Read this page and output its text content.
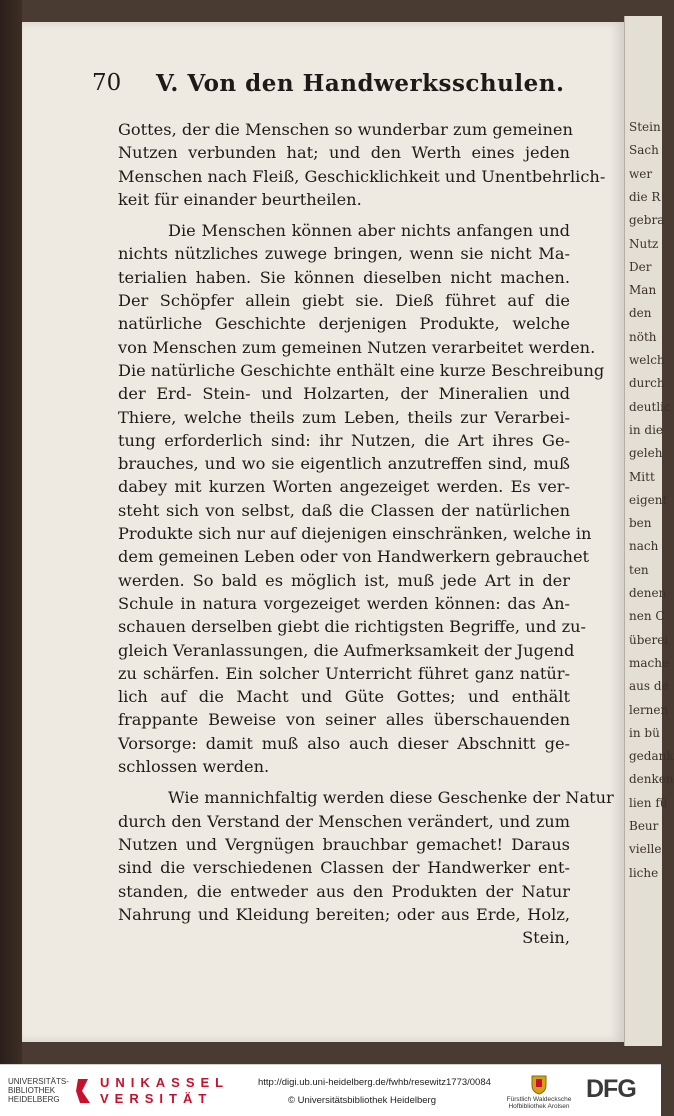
Stein
Sach
wer
die R
gebra
Nutz
Der
Man
den
nöth
welch
durch
deutlic
in die
geleh
Mitt
eigent
ben
nach
ten
denen
nen C
überei
mache
aus de
lernen
in bü
gedank
denken
lien fü
Beur
vielle
liche
70 V. Von den Handwerksschulen.
Gottes, der die Menschen so wunderbar zum gemeinen
Nutzen verbunden hat; und den Werth eines jeden
Menschen nach Fleiß, Geschicklichkeit und Unentbehrlich-
keit für einander beurtheilen.
Die Menschen können aber nichts anfangen und
nichts nützliches zuwege bringen, wenn sie nicht Ma-
terialien haben. Sie können dieselben nicht machen.
Der Schöpfer allein giebt sie. Dieß führet auf die
natürliche Geschichte derjenigen Produkte, welche
von Menschen zum gemeinen Nutzen verarbeitet werden.
Die natürliche Geschichte enthält eine kurze Beschreibung
der Erd- Stein- und Holzarten, der Mineralien und
Thiere, welche theils zum Leben, theils zur Verarbei-
tung erforderlich sind: ihr Nutzen, die Art ihres Ge-
brauches, und wo sie eigentlich anzutreffen sind, muß
dabey mit kurzen Worten angezeiget werden. Es ver-
steht sich von selbst, daß die Classen der natürlichen
Produkte sich nur auf diejenigen einschränken, welche in
dem gemeinen Leben oder von Handwerkern gebrauchet
werden. So bald es möglich ist, muß jede Art in der
Schule in natura vorgezeiget werden können: das An-
schauen derselben giebt die richtigsten Begriffe, und zu-
gleich Veranlassungen, die Aufmerksamkeit der Jugend
zu schärfen. Ein solcher Unterricht führet ganz natür-
lich auf die Macht und Güte Gottes; und enthält
frappante Beweise von seiner alles überschauenden
Vorsorge: damit muß also auch dieser Abschnitt ge-
schlossen werden.
Wie mannichfaltig werden diese Geschenke der Natur
durch den Verstand der Menschen verändert, und zum
Nutzen und Vergnügen brauchbar gemachet! Daraus
sind die verschiedenen Classen der Handwerker ent-
standen, die entweder aus den Produkten der Natur
Nahrung und Kleidung bereiten; oder aus Erde, Holz,
Stein,
UNIVERSITÄTS-
BIBLIOTHEK
HEIDELBERG
UNIKASSEL
VERSITÄT
http://digi.ub.uni-heidelberg.de/fwhb/resewitz1773/0084
© Universitätsbibliothek Heidelberg	Fürstlich Waldecksche
Hofbibliothek Arolsen
DFG
